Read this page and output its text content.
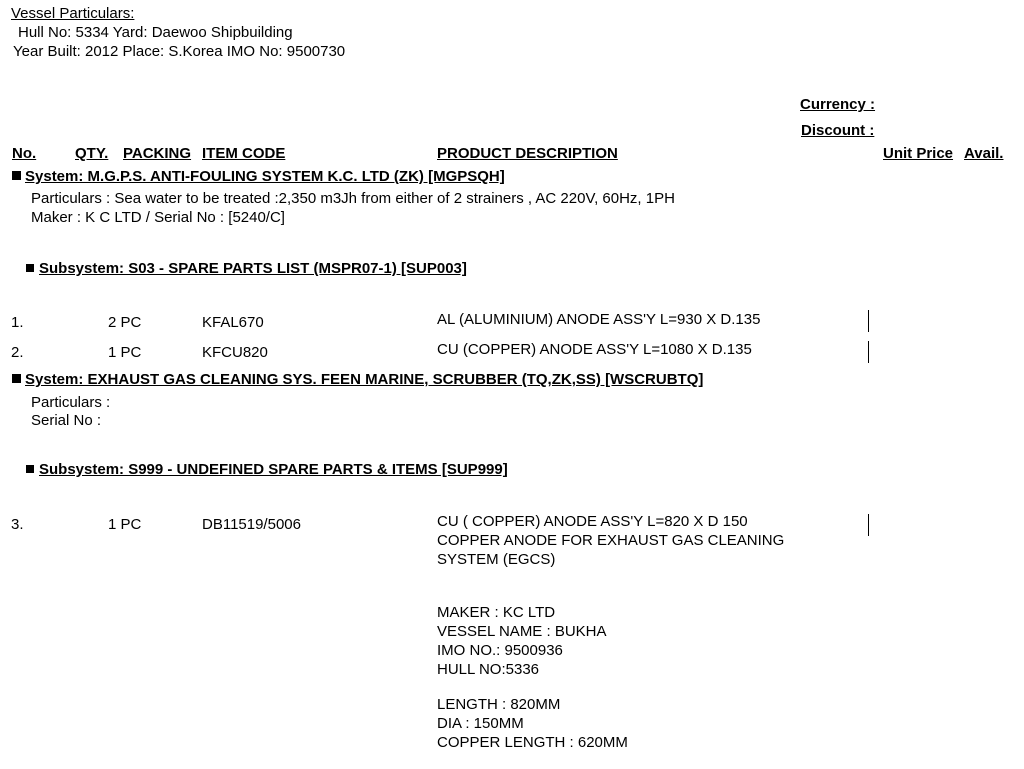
Vessel Particulars:
Hull No: 5334 Yard: Daewoo Shipbuilding
Year Built: 2012 Place: S.Korea IMO No: 9500730
Currency :
Discount :
No.	QTY. PACKING ITEM CODE	PRODUCT DESCRIPTION	Unit Price Avail.
System: M.G.P.S. ANTI-FOULING SYSTEM K.C. LTD (ZK) [MGPSQH]
Particulars : Sea water to be treated :2,350 m3Jh from either of 2 strainers , AC 220V, 60Hz, 1PH
Maker : K C LTD / Serial No : [5240/C]
Subsystem: S03 - SPARE PARTS LIST (MSPR07-1) [SUP003]
1.	2 PC	KFAL670	AL (ALUMINIUM) ANODE ASS'Y L=930 X D.135
2.	1 PC	KFCU820	CU (COPPER) ANODE ASS'Y L=1080 X D.135
System: EXHAUST GAS CLEANING SYS. FEEN MARINE, SCRUBBER (TQ,ZK,SS) [WSCRUBTQ]
Particulars :
Serial No :
Subsystem: S999 - UNDEFINED SPARE PARTS & ITEMS [SUP999]
3.	1 PC	DB11519/5006	CU ( COPPER) ANODE ASS'Y L=820 X D 150
COPPER ANODE FOR EXHAUST GAS CLEANING
SYSTEM (EGCS)
MAKER : KC LTD
VESSEL NAME : BUKHA
IMO NO.: 9500936
HULL NO:5336
LENGTH : 820MM
DIA : 150MM
COPPER LENGTH : 620MM
